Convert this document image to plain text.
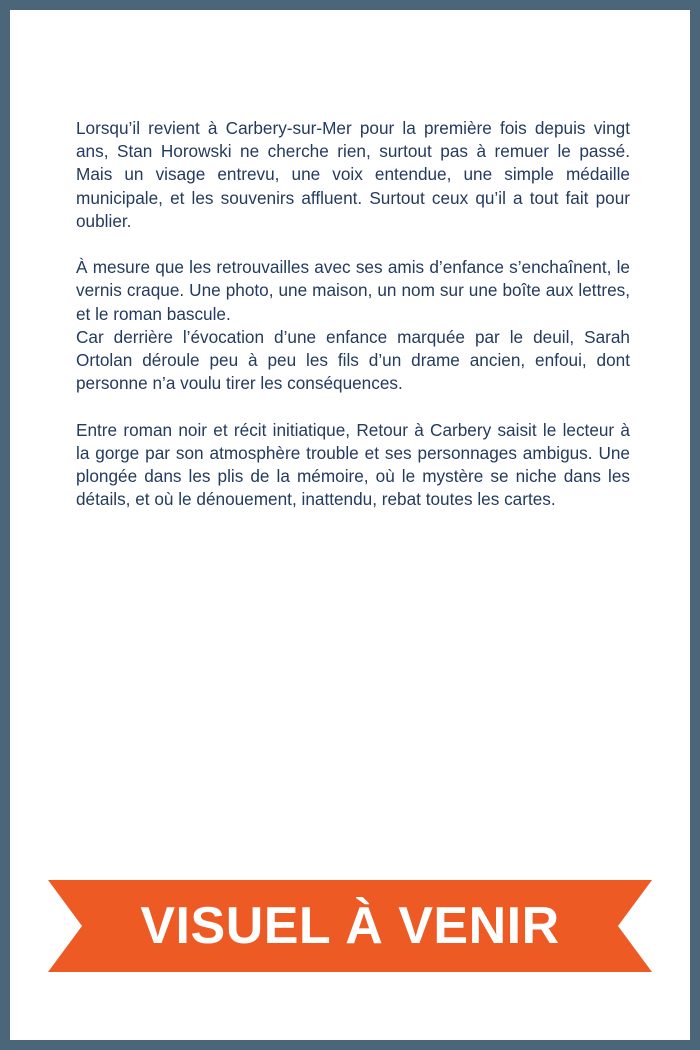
Lorsqu’il revient à Carbery-sur-Mer pour la première fois depuis vingt ans, Stan Horowski ne cherche rien, surtout pas à remuer le passé. Mais un visage entrevu, une voix entendue, une simple médaille municipale, et les souvenirs affluent. Surtout ceux qu’il a tout fait pour oublier.

À mesure que les retrouvailles avec ses amis d’enfance s’enchaînent, le vernis craque. Une photo, une maison, un nom sur une boîte aux lettres, et le roman bascule.

Car derrière l’évocation d’une enfance marquée par le deuil, Sarah Ortolan déroule peu à peu les fils d’un drame ancien, enfoui, dont personne n’a voulu tirer les conséquences.

Entre roman noir et récit initiatique, Retour à Carbery saisit le lecteur à la gorge par son atmosphère trouble et ses personnages ambigus. Une plongée dans les plis de la mémoire, où le mystère se niche dans les détails, et où le dénouement, inattendu, rebat toutes les cartes.

VISUEL À VENIR
